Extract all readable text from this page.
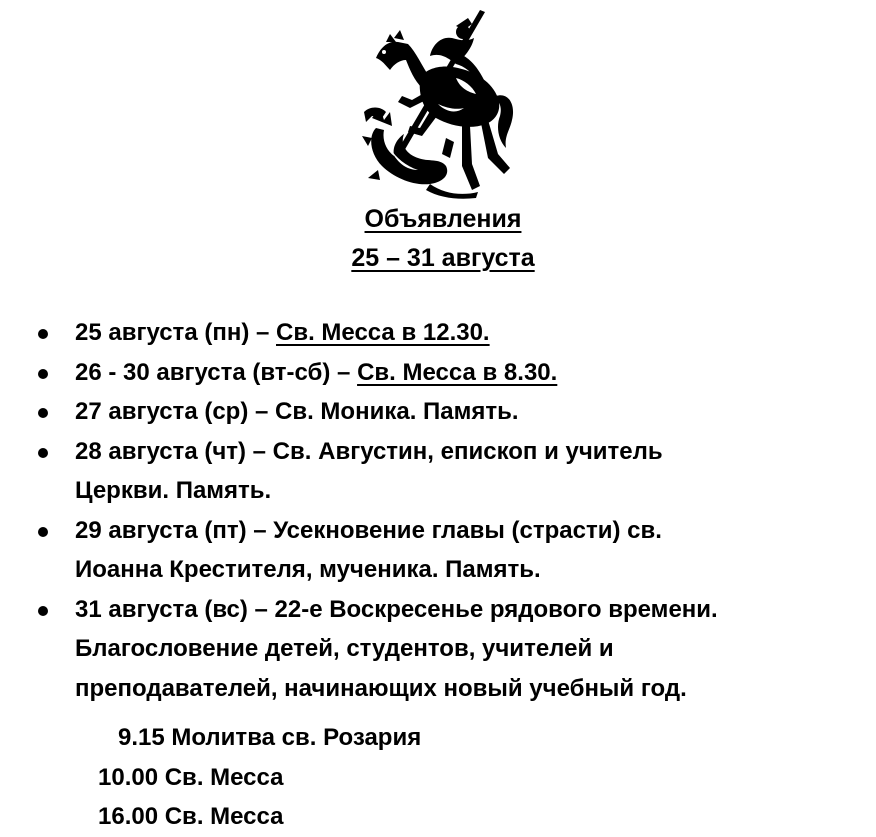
Объявления
25 – 31 августа
25 августа (пн) – Св. Месса в 12.30.
26 - 30 августа (вт-сб) – Св. Месса в 8.30.
27 августа (ср) – Св. Моника. Память.
28 августа (чт) – Св. Августин, епископ и учитель
Церкви. Память.
29 августа (пт) – Усекновение главы (страсти) св.
Иоанна Крестителя, мученика. Память.
31 августа (вс) – 22-е Воскресенье рядового времени.
Благословение детей, студентов, учителей и
преподавателей, начинающих новый учебный год.
9.15 Молитва св. Розария
10.00 Св. Месса
16.00 Св. Месса
